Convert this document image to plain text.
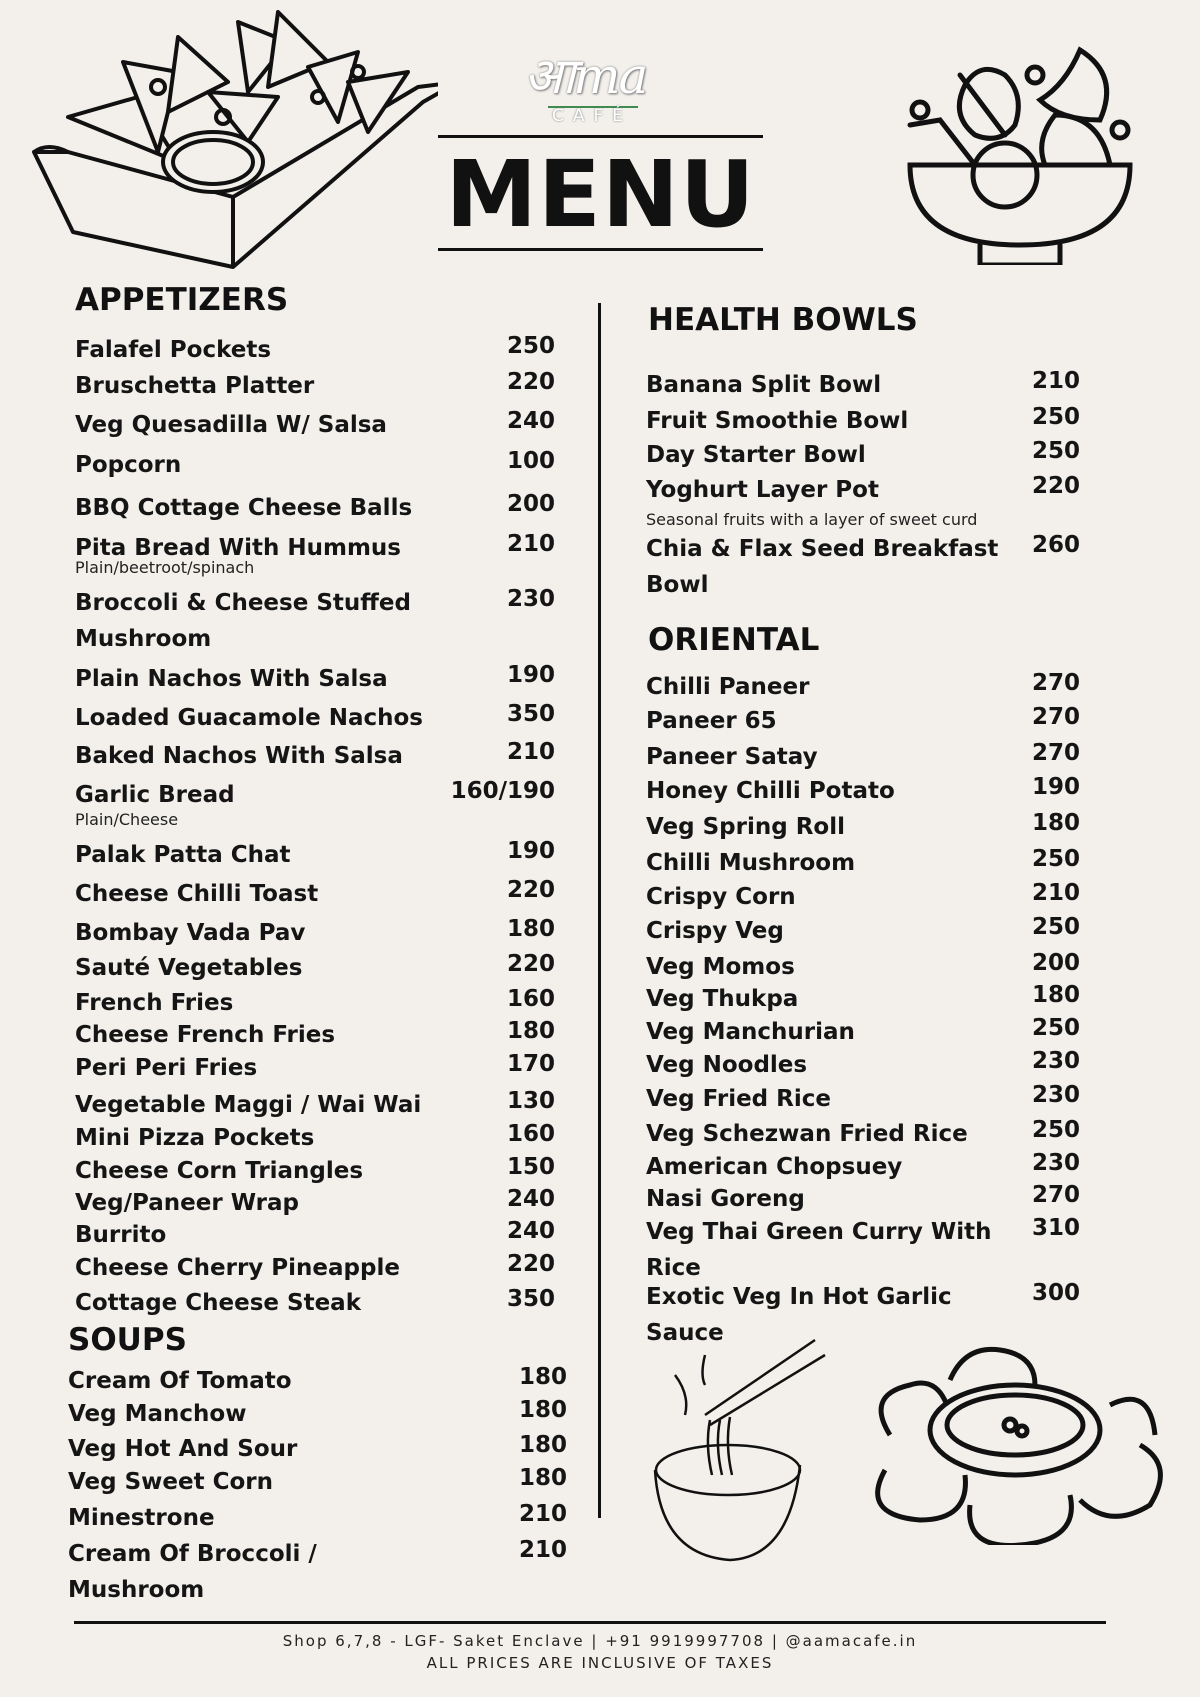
आma
CAFÉ
MENU
APPETIZERS
SOUPS
HEALTH BOWLS
ORIENTAL
Shop 6,7,8 - LGF- Saket Enclave | +91 9919997708 | @aamacafe.in
ALL PRICES ARE INCLUSIVE OF TAXES
Falafel Pockets	250
Bruschetta Platter	220
Veg Quesadilla W/ Salsa	240
Popcorn	100
BBQ Cottage Cheese Balls	200
Pita Bread With Hummus	210
Plain/beetroot/spinach
Broccoli & Cheese Stuffed	230
Mushroom
Plain Nachos With Salsa	190
Loaded Guacamole Nachos	350
Baked Nachos With Salsa	210
Garlic Bread	160/190
Plain/Cheese
Palak Patta Chat	190
Cheese Chilli Toast	220
Bombay Vada Pav	180
Sauté Vegetables	220
French Fries	160
Cheese French Fries	180
Peri Peri Fries	170
Vegetable Maggi / Wai Wai	130
Mini Pizza Pockets	160
Cheese Corn Triangles	150
Veg/Paneer Wrap	240
Burrito	240
Cheese Cherry Pineapple	220
Cottage Cheese Steak	350
Cream Of Tomato	180
Veg Manchow	180
Veg Hot And Sour	180
Veg Sweet Corn	180
Minestrone	210
Cream Of Broccoli /	210
Mushroom
Banana Split Bowl	210
Fruit Smoothie Bowl	250
Day Starter Bowl	250
Yoghurt Layer Pot	220
Seasonal fruits with a layer of sweet curd
Chia & Flax Seed Breakfast	260
Bowl
Chilli Paneer	270
Paneer 65	270
Paneer Satay	270
Honey Chilli Potato	190
Veg Spring Roll	180
Chilli Mushroom	250
Crispy Corn	210
Crispy Veg	250
Veg Momos	200
Veg Thukpa	180
Veg Manchurian	250
Veg Noodles	230
Veg Fried Rice	230
Veg Schezwan Fried Rice	250
American Chopsuey	230
Nasi Goreng	270
Veg Thai Green Curry With	310
Rice
Exotic Veg In Hot Garlic	300
Sauce
